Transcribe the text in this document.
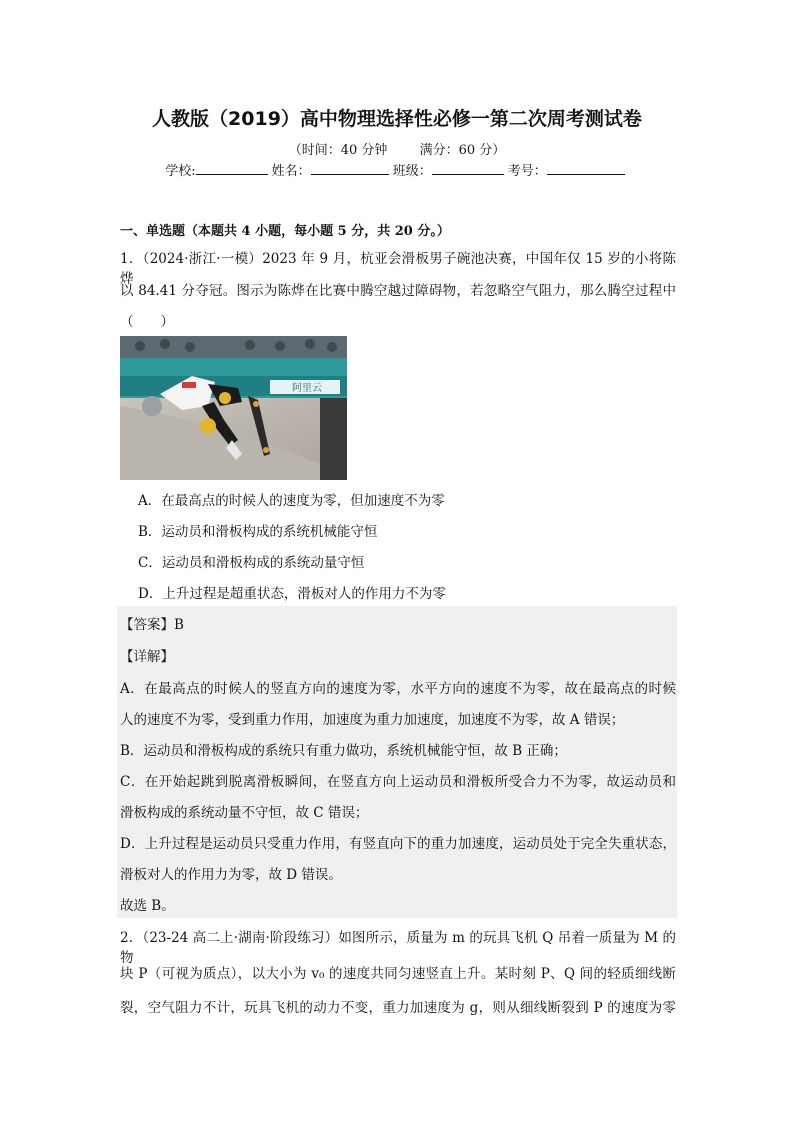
人教版（2019）高中物理选择性必修一第二次周考测试卷
（时间：40 分钟 满分：60 分）
学校:	姓名：	班级：	考号：
一、单选题（本题共 4 小题，每小题 5 分，共 20 分。）
1．（2024·浙江·一模）2023 年 9 月，杭亚会滑板男子碗池决赛，中国年仅 15 岁的小将陈烨
以 84.41 分夺冠。图示为陈烨在比赛中腾空越过障碍物，若忽略空气阻力，那么腾空过程中
（　　）
阿里云
A．在最高点的时候人的速度为零，但加速度不为零
B．运动员和滑板构成的系统机械能守恒
C．运动员和滑板构成的系统动量守恒
D．上升过程是超重状态，滑板对人的作用力不为零
【答案】B
【详解】
A．在最高点的时候人的竖直方向的速度为零，水平方向的速度不为零，故在最高点的时候
人的速度不为零，受到重力作用，加速度为重力加速度，加速度不为零，故 A 错误；
B．运动员和滑板构成的系统只有重力做功，系统机械能守恒，故 B 正确；
C．在开始起跳到脱离滑板瞬间，在竖直方向上运动员和滑板所受合力不为零，故运动员和
滑板构成的系统动量不守恒，故 C 错误；
D．上升过程是运动员只受重力作用，有竖直向下的重力加速度，运动员处于完全失重状态，
滑板对人的作用力为零，故 D 错误。
故选 B。
2．（23-24 高二上·湖南·阶段练习）如图所示，质量为 m 的玩具飞机 Q 吊着一质量为 M 的物
块 P（可视为质点），以大小为 v₀ 的速度共同匀速竖直上升。某时刻 P、Q 间的轻质细线断
裂，空气阻力不计，玩具飞机的动力不变，重力加速度为 g，则从细线断裂到 P 的速度为零
